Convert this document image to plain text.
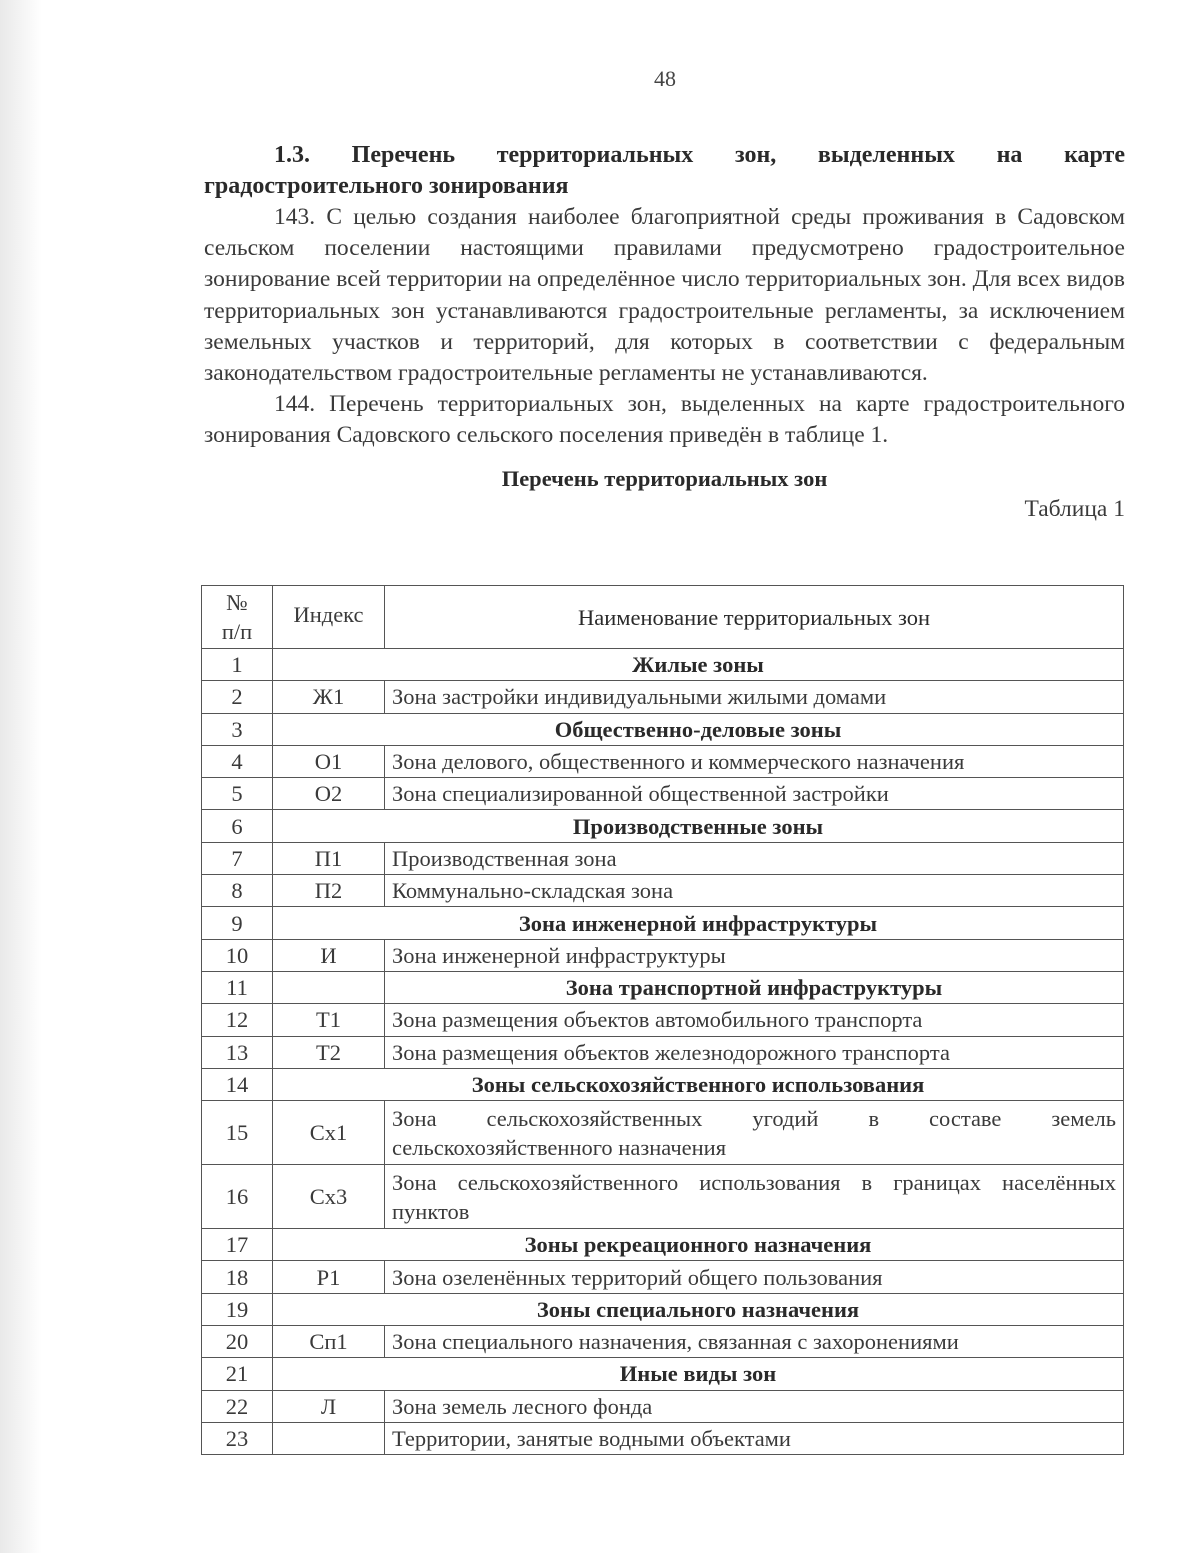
48

1.3. Перечень территориальных зон, выделенных на карте

градостроительного зонирования

143. С целью создания наиболее благоприятной среды проживания в Садовском сельском поселении настоящими правилами предусмотрено градостроительное зонирование всей территории на определённое число территориальных зон. Для всех видов территориальных зон устанавливаются градостроительные регламенты, за исключением земельных участков и территорий, для которых в соответствии с федеральным законодательством градостроительные регламенты не устанавливаются.

144. Перечень территориальных зон, выделенных на карте градостроительного зонирования Садовского сельского поселения приведён в таблице 1.

Перечень территориальных зон

Таблица 1

№
п/п	Индекс	Наименование территориальных зон
1	Жилые зоны	
2	Ж1	Зона застройки индивидуальными жилыми домами
3	Общественно-деловые зоны	
4	О1	Зона делового, общественного и коммерческого назначения
5	О2	Зона специализированной общественной застройки
6	Производственные зоны	
7	П1	Производственная зона
8	П2	Коммунально-складская зона
9	Зона инженерной инфраструктуры	
10	И	Зона инженерной инфраструктуры
11		Зона транспортной инфраструктуры
12	Т1	Зона размещения объектов автомобильного транспорта
13	Т2	Зона размещения объектов железнодорожного транспорта
14	Зоны сельскохозяйственного использования	
15	Сх1	Зона сельскохозяйственных угодий в составе земель сельскохозяйственного назначения
16	Сх3	Зона сельскохозяйственного использования в границах населённых пунктов
17	Зоны рекреационного назначения	
18	Р1	Зона озеленённых территорий общего пользования
19	Зоны специального назначения	
20	Сп1	Зона специального назначения, связанная с захоронениями
21	Иные виды зон	
22	Л	Зона земель лесного фонда
23		Территории, занятые водными объектами
